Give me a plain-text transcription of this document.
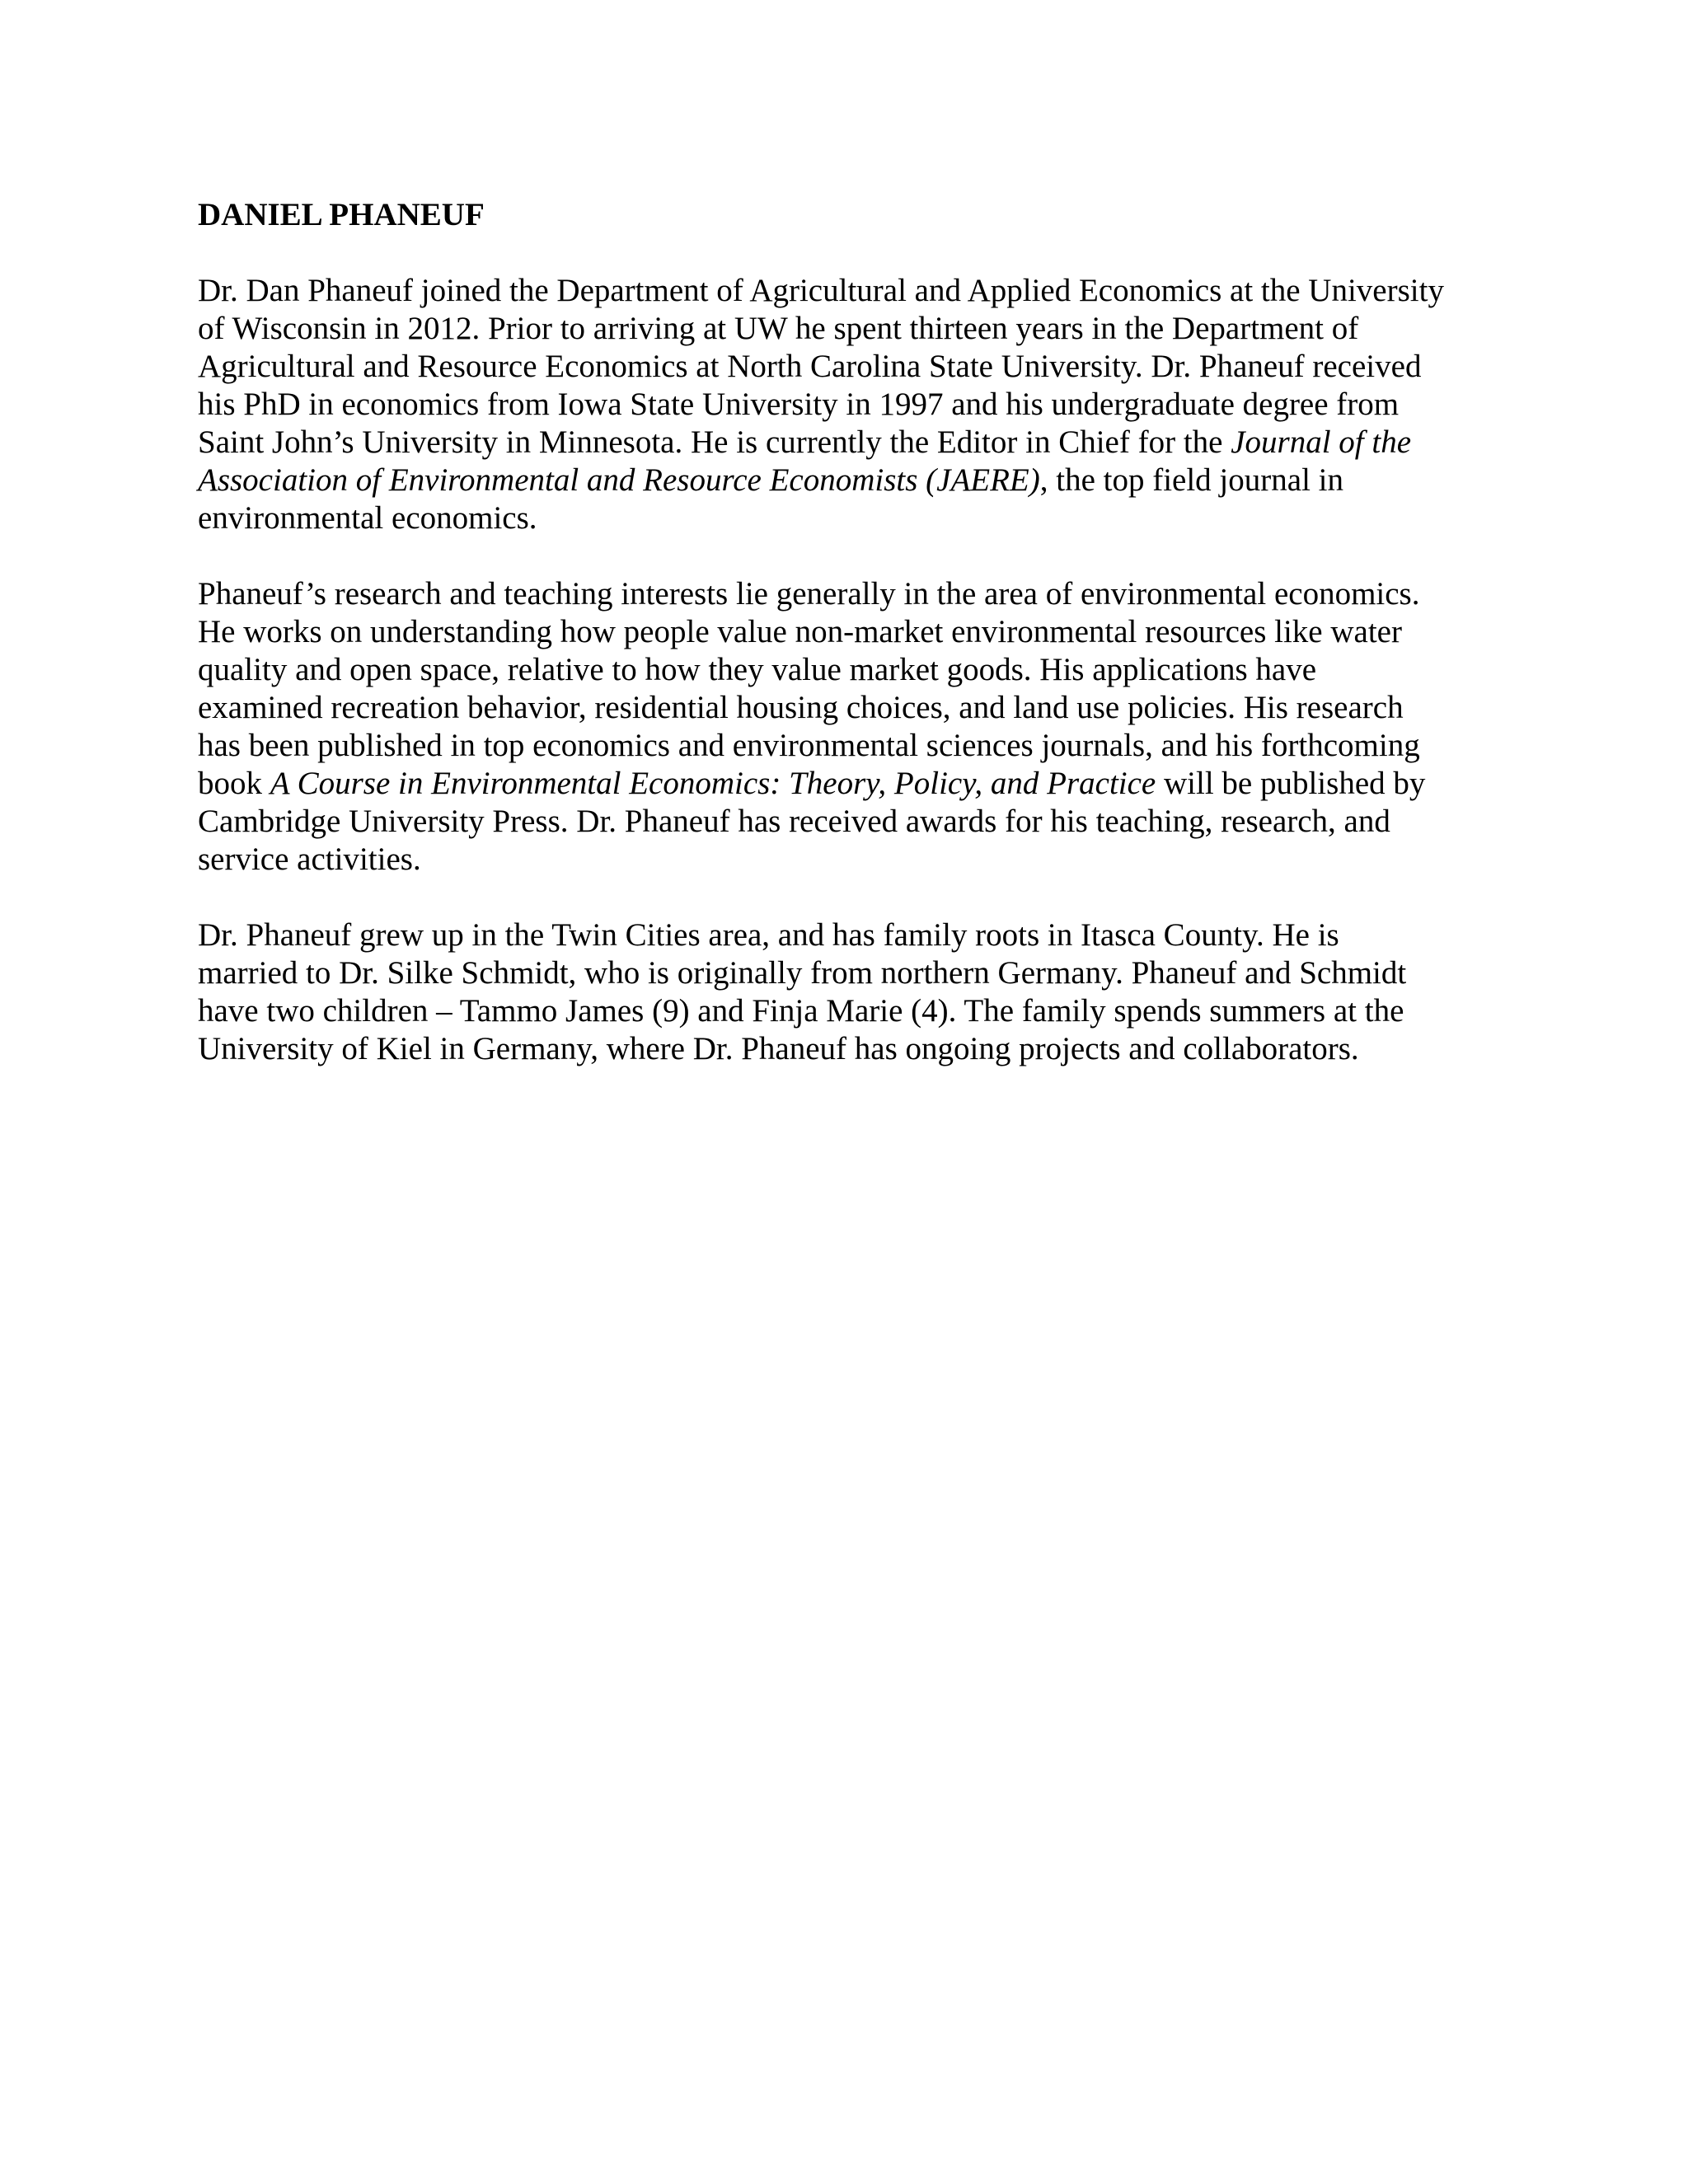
DANIEL PHANEUF
Dr. Dan Phaneuf joined the Department of Agricultural and Applied Economics at the University
of Wisconsin in 2012. Prior to arriving at UW he spent thirteen years in the Department of
Agricultural and Resource Economics at North Carolina State University. Dr. Phaneuf received
his PhD in economics from Iowa State University in 1997 and his undergraduate degree from
Saint John’s University in Minnesota. He is currently the Editor in Chief for the Journal of the
Association of Environmental and Resource Economists (JAERE), the top field journal in
environmental economics.
Phaneuf’s research and teaching interests lie generally in the area of environmental economics.
He works on understanding how people value non-market environmental resources like water
quality and open space, relative to how they value market goods. His applications have
examined recreation behavior, residential housing choices, and land use policies. His research
has been published in top economics and environmental sciences journals, and his forthcoming
book A Course in Environmental Economics: Theory, Policy, and Practice will be published by
Cambridge University Press. Dr. Phaneuf has received awards for his teaching, research, and
service activities.
Dr. Phaneuf grew up in the Twin Cities area, and has family roots in Itasca County. He is
married to Dr. Silke Schmidt, who is originally from northern Germany. Phaneuf and Schmidt
have two children – Tammo James (9) and Finja Marie (4). The family spends summers at the
University of Kiel in Germany, where Dr. Phaneuf has ongoing projects and collaborators.
